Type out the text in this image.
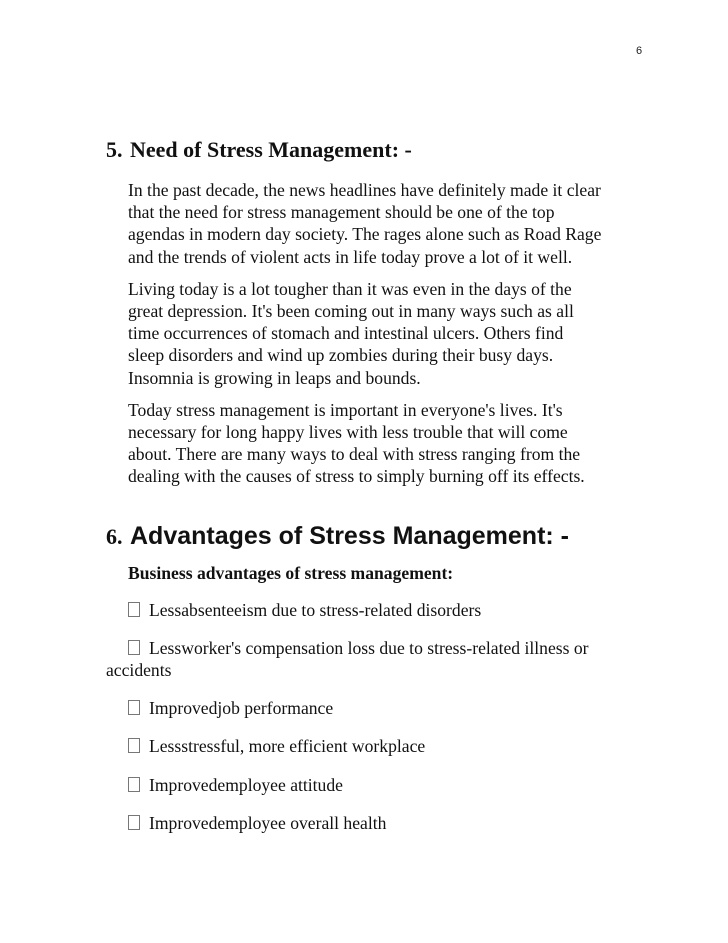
6
5. Need of Stress Management: -

In the past decade, the news headlines have definitely made it clear
that the need for stress management should be one of the top
agendas in modern day society. The rages alone such as Road Rage
and the trends of violent acts in life today prove a lot of it well.

Living today is a lot tougher than it was even in the days of the
great depression. It's been coming out in many ways such as all
time occurrences of stomach and intestinal ulcers. Others find
sleep disorders and wind up zombies during their busy days.
Insomnia is growing in leaps and bounds.

Today stress management is important in everyone's lives. It's
necessary for long happy lives with less trouble that will come
about. There are many ways to deal with stress ranging from the
dealing with the causes of stress to simply burning off its effects.

6. Advantages of Stress Management: -
Business advantages of stress management:
Lessabsenteeism due to stress-related disorders
Lessworker's compensation loss due to stress-related illness or
accidents
Improvedjob performance
Lessstressful, more efficient workplace
Improvedemployee attitude
Improvedemployee overall health
